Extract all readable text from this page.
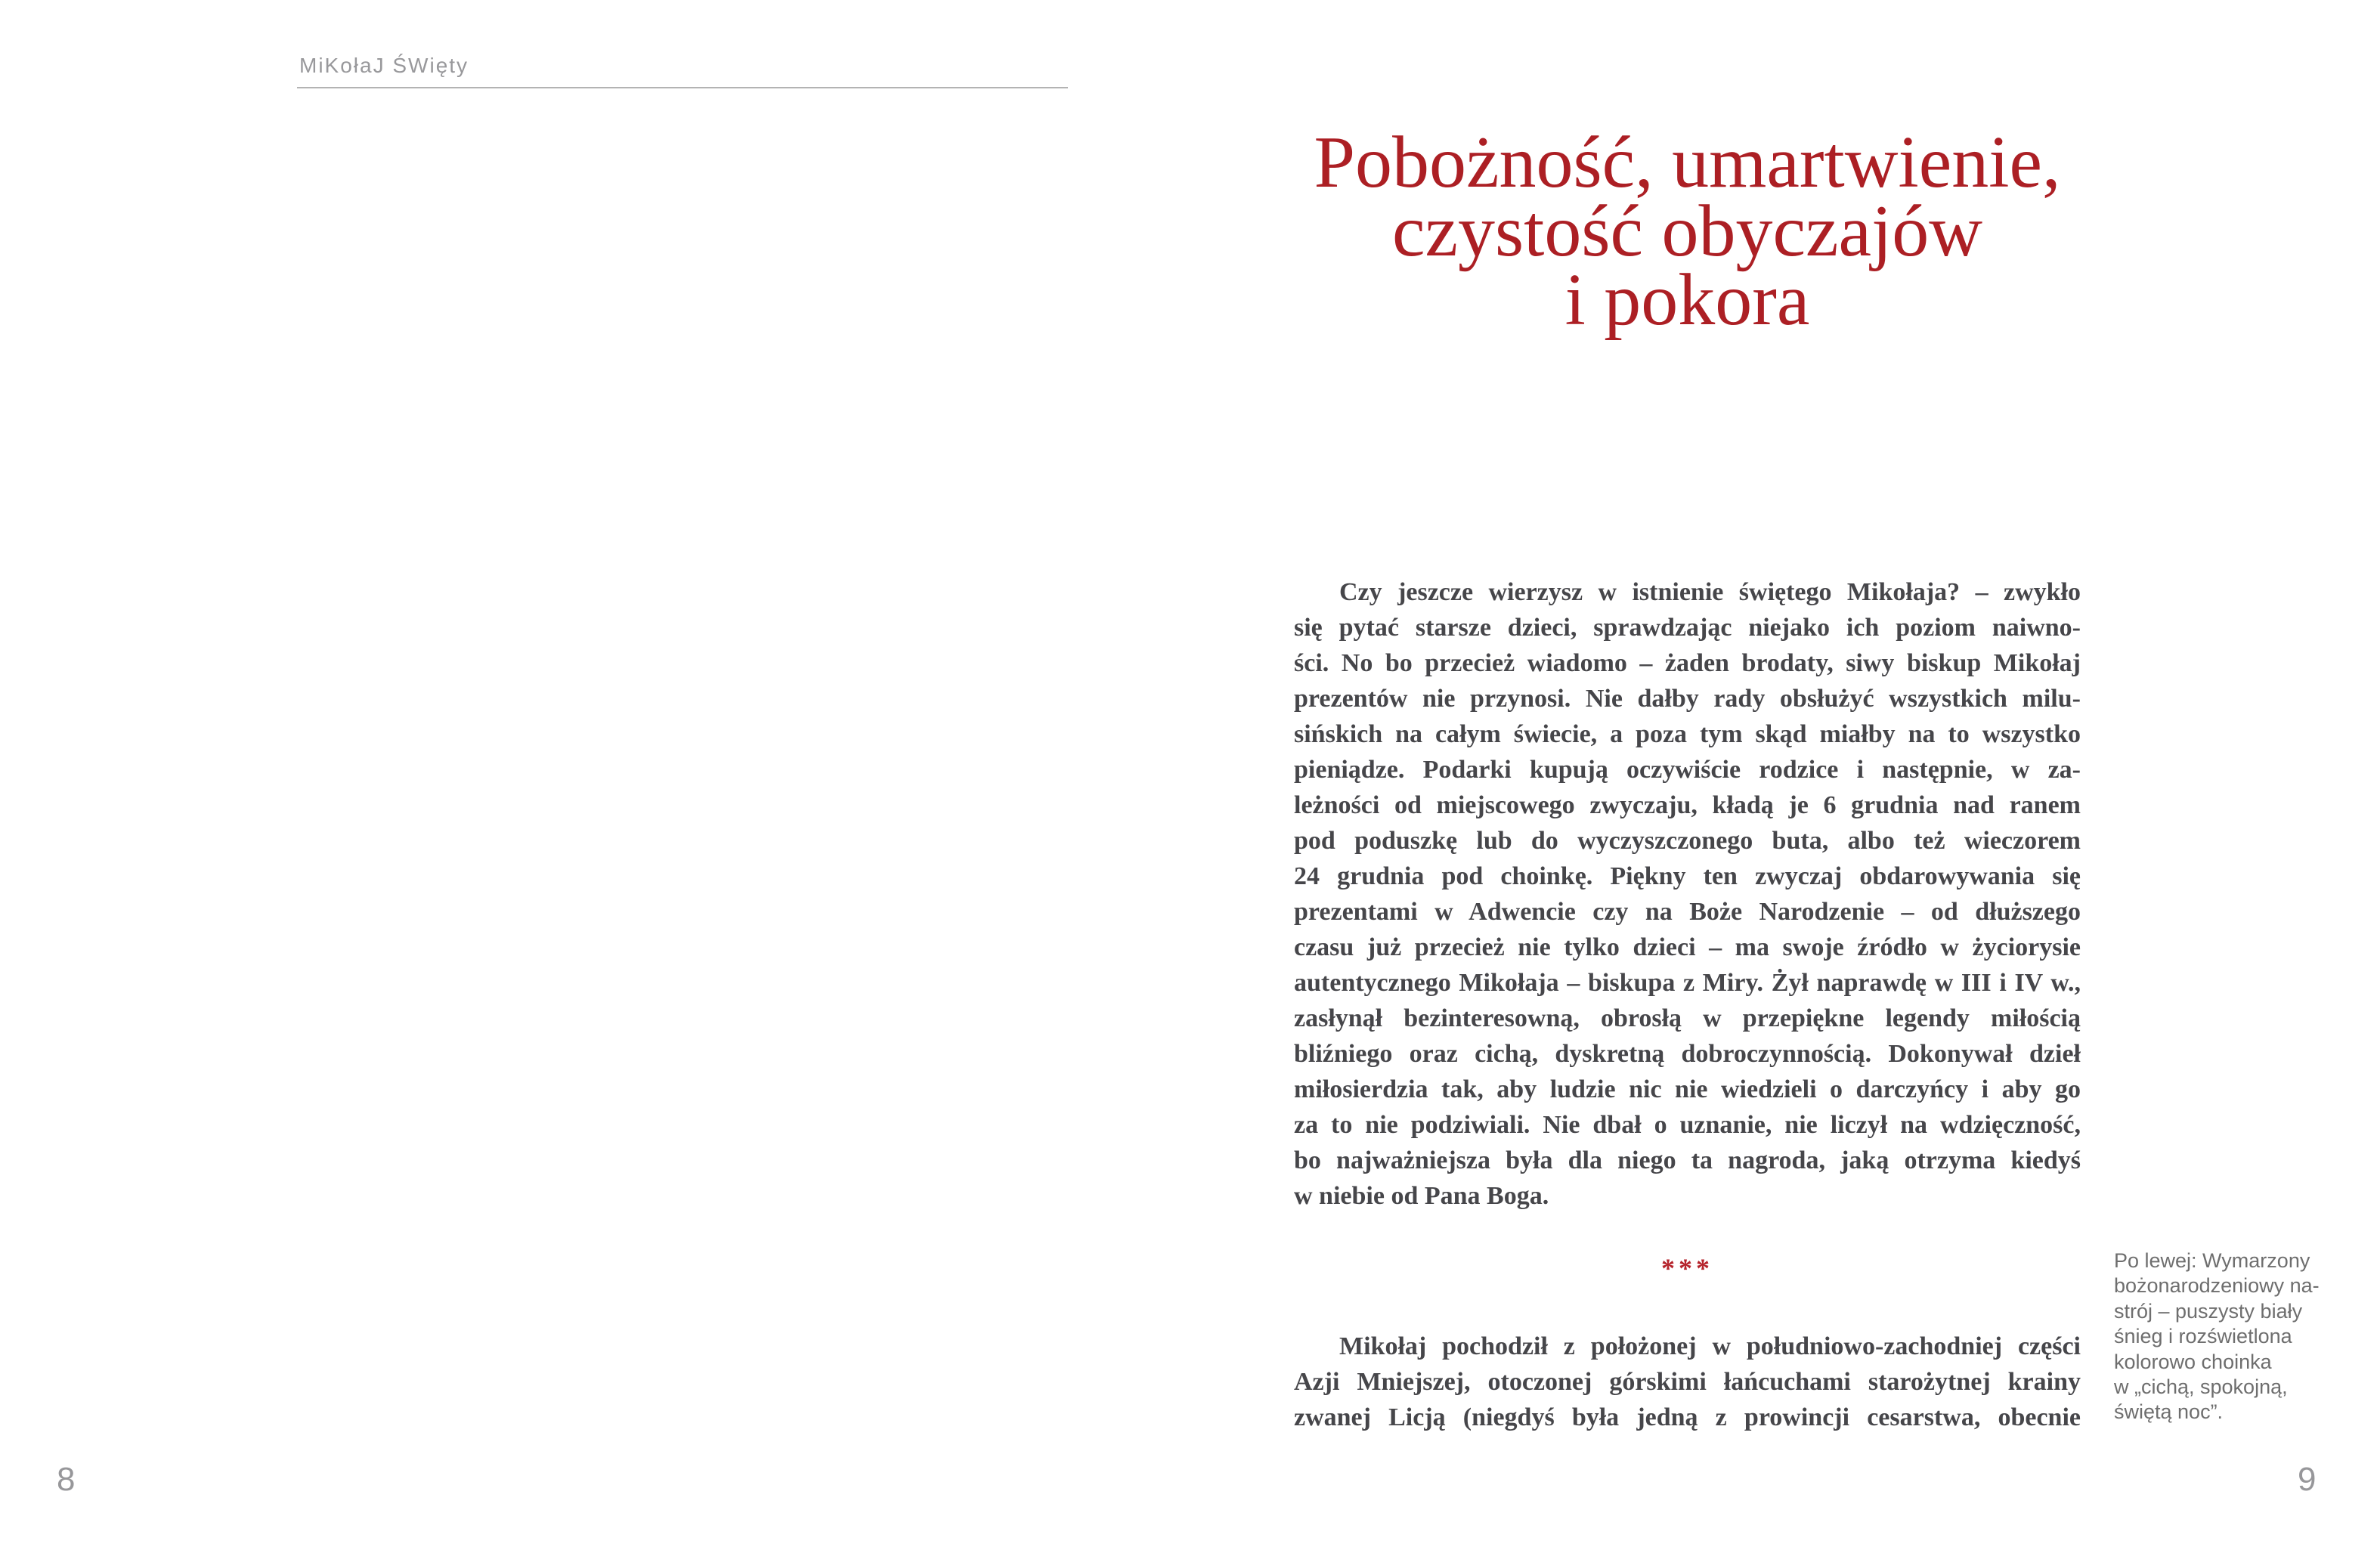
MiKołaJ ŚWięty
8
Pobożność, umartwienie,
czystość obyczajów
i pokora
Czy jeszcze wierzysz w istnienie świętego Mikołaja? – zwykło
się pytać starsze dzieci, sprawdzając niejako ich poziom naiwno-
ści. No bo przecież wiadomo – żaden brodaty, siwy biskup Mikołaj
prezentów nie przynosi. Nie dałby rady obsłużyć wszystkich milu-
sińskich na całym świecie, a poza tym skąd miałby na to wszystko
pieniądze. Podarki kupują oczywiście rodzice i następnie, w za-
leżności od miejscowego zwyczaju, kładą je 6 grudnia nad ranem
pod poduszkę lub do wyczyszczonego buta, albo też wieczorem
24 grudnia pod choinkę. Piękny ten zwyczaj obdarowywania się
prezentami w Adwencie czy na Boże Narodzenie – od dłuższego
czasu już przecież nie tylko dzieci – ma swoje źródło w życiorysie
autentycznego Mikołaja – biskupa z Miry. Żył naprawdę w III i IV w.,
zasłynął bezinteresowną, obrosłą w przepiękne legendy miłością
bliźniego oraz cichą, dyskretną dobroczynnością. Dokonywał dzieł
miłosierdzia tak, aby ludzie nic nie wiedzieli o darczyńcy i aby go
za to nie podziwiali. Nie dbał o uznanie, nie liczył na wdzięczność,
bo najważniejsza była dla niego ta nagroda, jaką otrzyma kiedyś
w niebie od Pana Boga.
***
Mikołaj pochodził z położonej w południowo-zachodniej części
Azji Mniejszej, otoczonej górskimi łańcuchami starożytnej krainy
zwanej Licją (niegdyś była jedną z prowincji cesarstwa, obecnie
Po lewej: Wymarzony
bożonarodzeniowy na-
strój – puszysty biały
śnieg i rozświetlona
kolorowo choinka
w „cichą, spokojną,
świętą noc”.
9
